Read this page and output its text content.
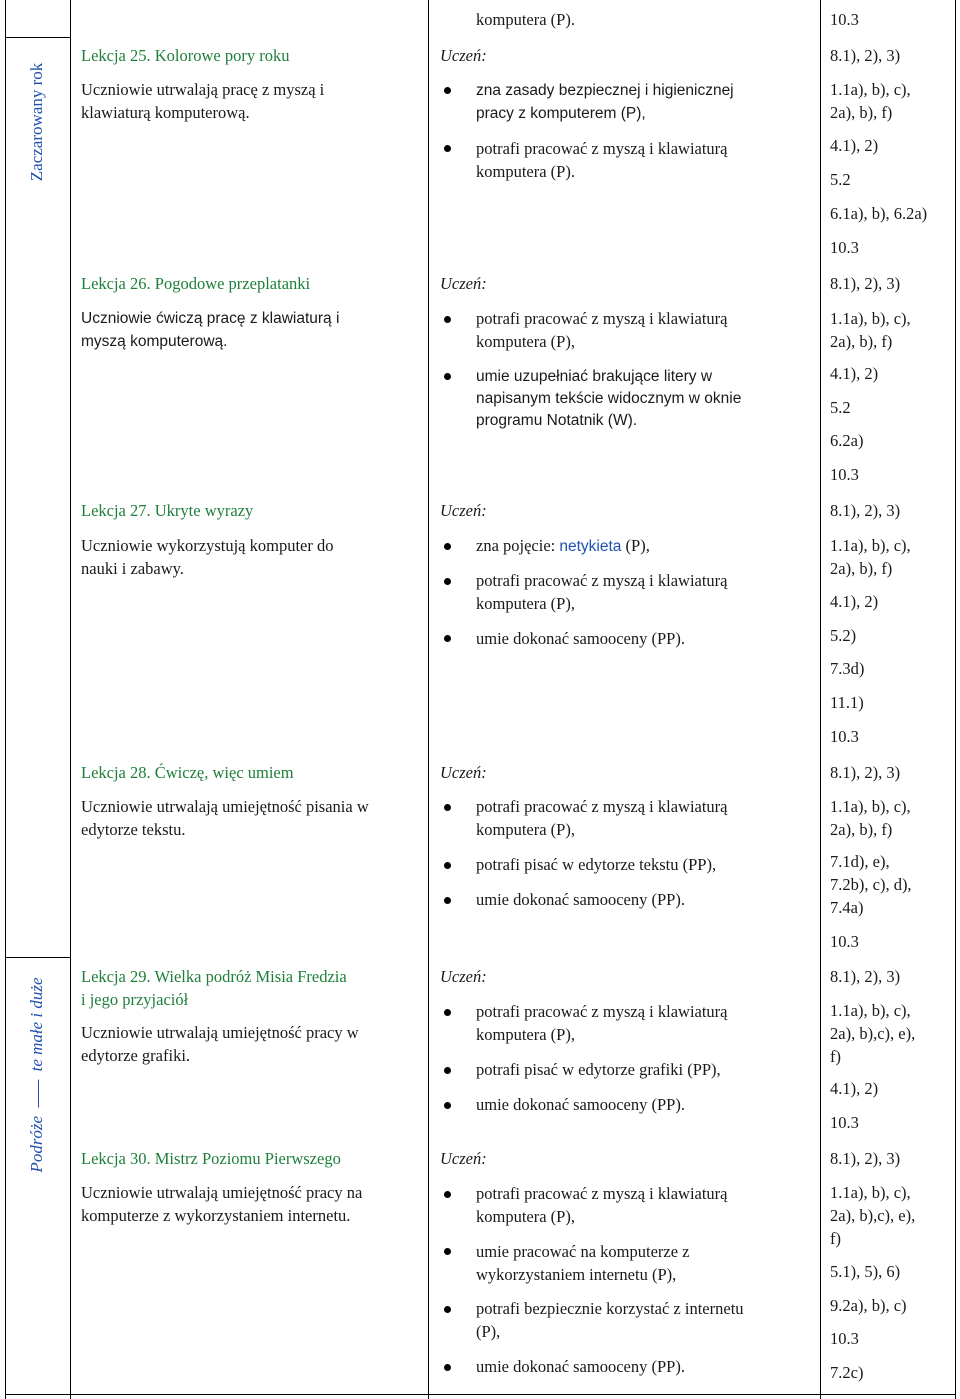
Zaczarowany rok
Podróże  te małe i duże
komputera (P).	10.3
Lekcja 25. Kolorowe pory roku
Uczniowie utrwalają pracę z myszą i
klawiaturą komputerową.
Uczeń:
zna zasady bezpiecznej i higienicznej
pracy z komputerem (P),
potrafi pracować z myszą i klawiaturą
komputera (P).
8.1), 2), 3)
1.1a), b), c),
2a), b), f)
4.1), 2)
5.2
6.1a), b), 6.2a)
10.3
Lekcja 26. Pogodowe przeplatanki
Uczniowie ćwiczą pracę z klawiaturą i
myszą komputerową.
Uczeń:
potrafi pracować z myszą i klawiaturą
komputera (P),
umie uzupełniać brakujące litery w
napisanym tekście widocznym w oknie
programu Notatnik (W).
8.1), 2), 3)
1.1a), b), c),
2a), b), f)
4.1), 2)
5.2
6.2a)
10.3
Lekcja 27. Ukryte wyrazy
Uczniowie wykorzystują komputer do
nauki i zabawy.
Uczeń:
zna pojęcie: netykieta (P),
potrafi pracować z myszą i klawiaturą
komputera (P),
umie dokonać samooceny (PP).
8.1), 2), 3)
1.1a), b), c),
2a), b), f)
4.1), 2)
5.2)
7.3d)
11.1)
10.3
Lekcja 28. Ćwiczę, więc umiem
Uczniowie utrwalają umiejętność pisania w
edytorze tekstu.
Uczeń:
potrafi pracować z myszą i klawiaturą
komputera (P),
potrafi pisać w edytorze tekstu (PP),
umie dokonać samooceny (PP).
8.1), 2), 3)
1.1a), b), c),
2a), b), f)
7.1d), e),
7.2b), c), d),
7.4a)
10.3
Lekcja 29. Wielka podróż Misia Fredzia
i jego przyjaciół
Uczniowie utrwalają umiejętność pracy w
edytorze grafiki.
Uczeń:
potrafi pracować z myszą i klawiaturą
komputera (P),
potrafi pisać w edytorze grafiki (PP),
umie dokonać samooceny (PP).
8.1), 2), 3)
1.1a), b), c),
2a), b),c), e),
f)
4.1), 2)
10.3
Lekcja 30. Mistrz Poziomu Pierwszego
Uczniowie utrwalają umiejętność pracy na
komputerze z wykorzystaniem internetu.
Uczeń:
potrafi pracować z myszą i klawiaturą
komputera (P),
umie pracować na komputerze z
wykorzystaniem internetu (P),
potrafi bezpiecznie korzystać z internetu
(P),
umie dokonać samooceny (PP).
8.1), 2), 3)
1.1a), b), c),
2a), b),c), e),
f)
5.1), 5), 6)
9.2a), b), c)
10.3
7.2c)
